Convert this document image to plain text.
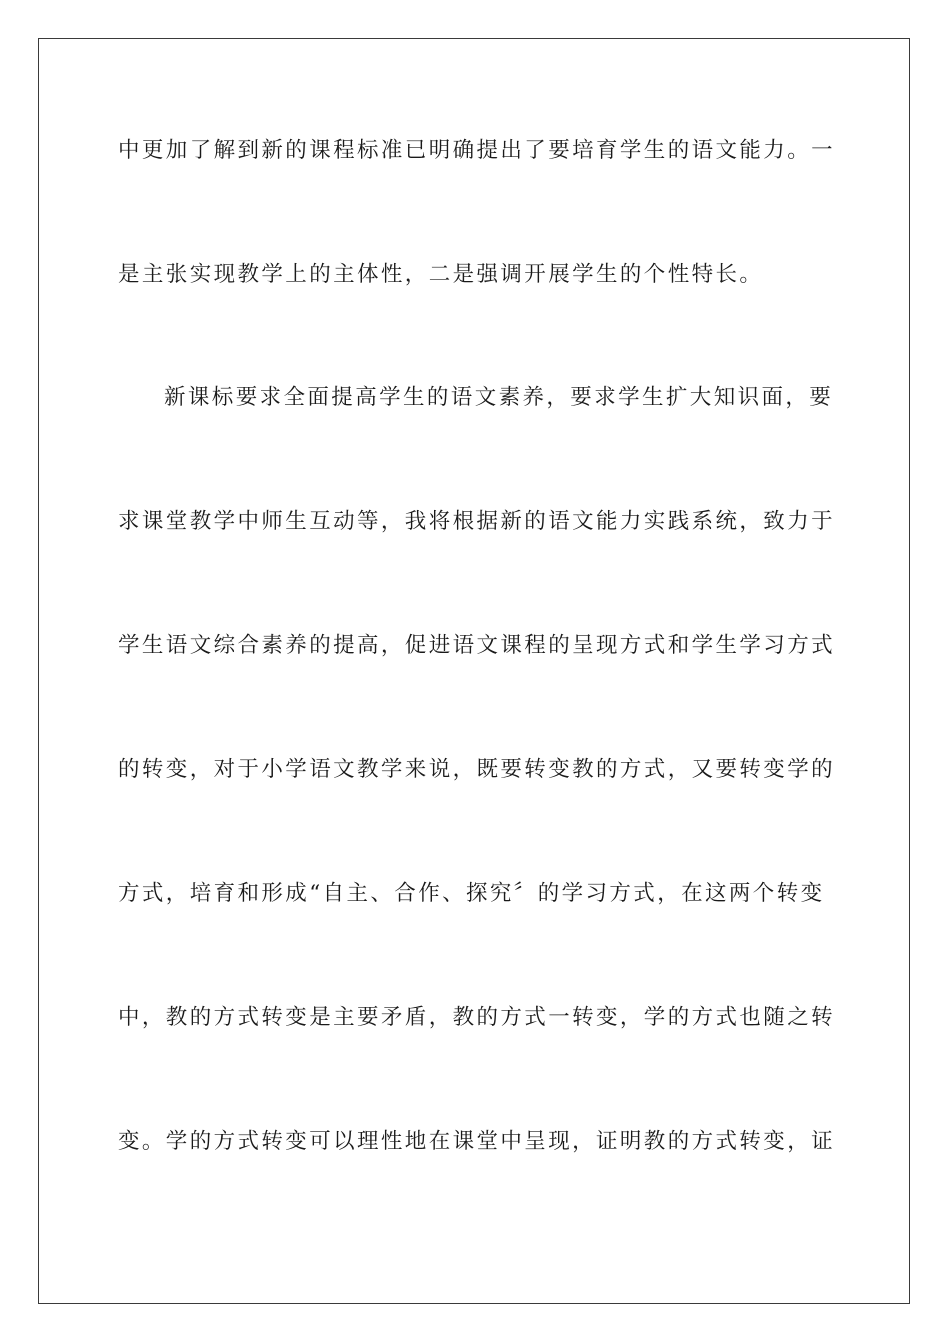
中更加了解到新的课程标准已明确提出了要培育学生的语文能力。一
是主张实现教学上的主体性，二是强调开展学生的个性特长。
新课标要求全面提高学生的语文素养，要求学生扩大知识面，要
求课堂教学中师生互动等，我将根据新的语文能力实践系统，致力于
学生语文综合素养的提高，促进语文课程的呈现方式和学生学习方式
的转变，对于小学语文教学来说，既要转变教的方式，又要转变学的
方式，培育和形成“自主、合作、探究〞的学习方式，在这两个转变
中，教的方式转变是主要矛盾，教的方式一转变，学的方式也随之转
变。学的方式转变可以理性地在课堂中呈现，证明教的方式转变，证
